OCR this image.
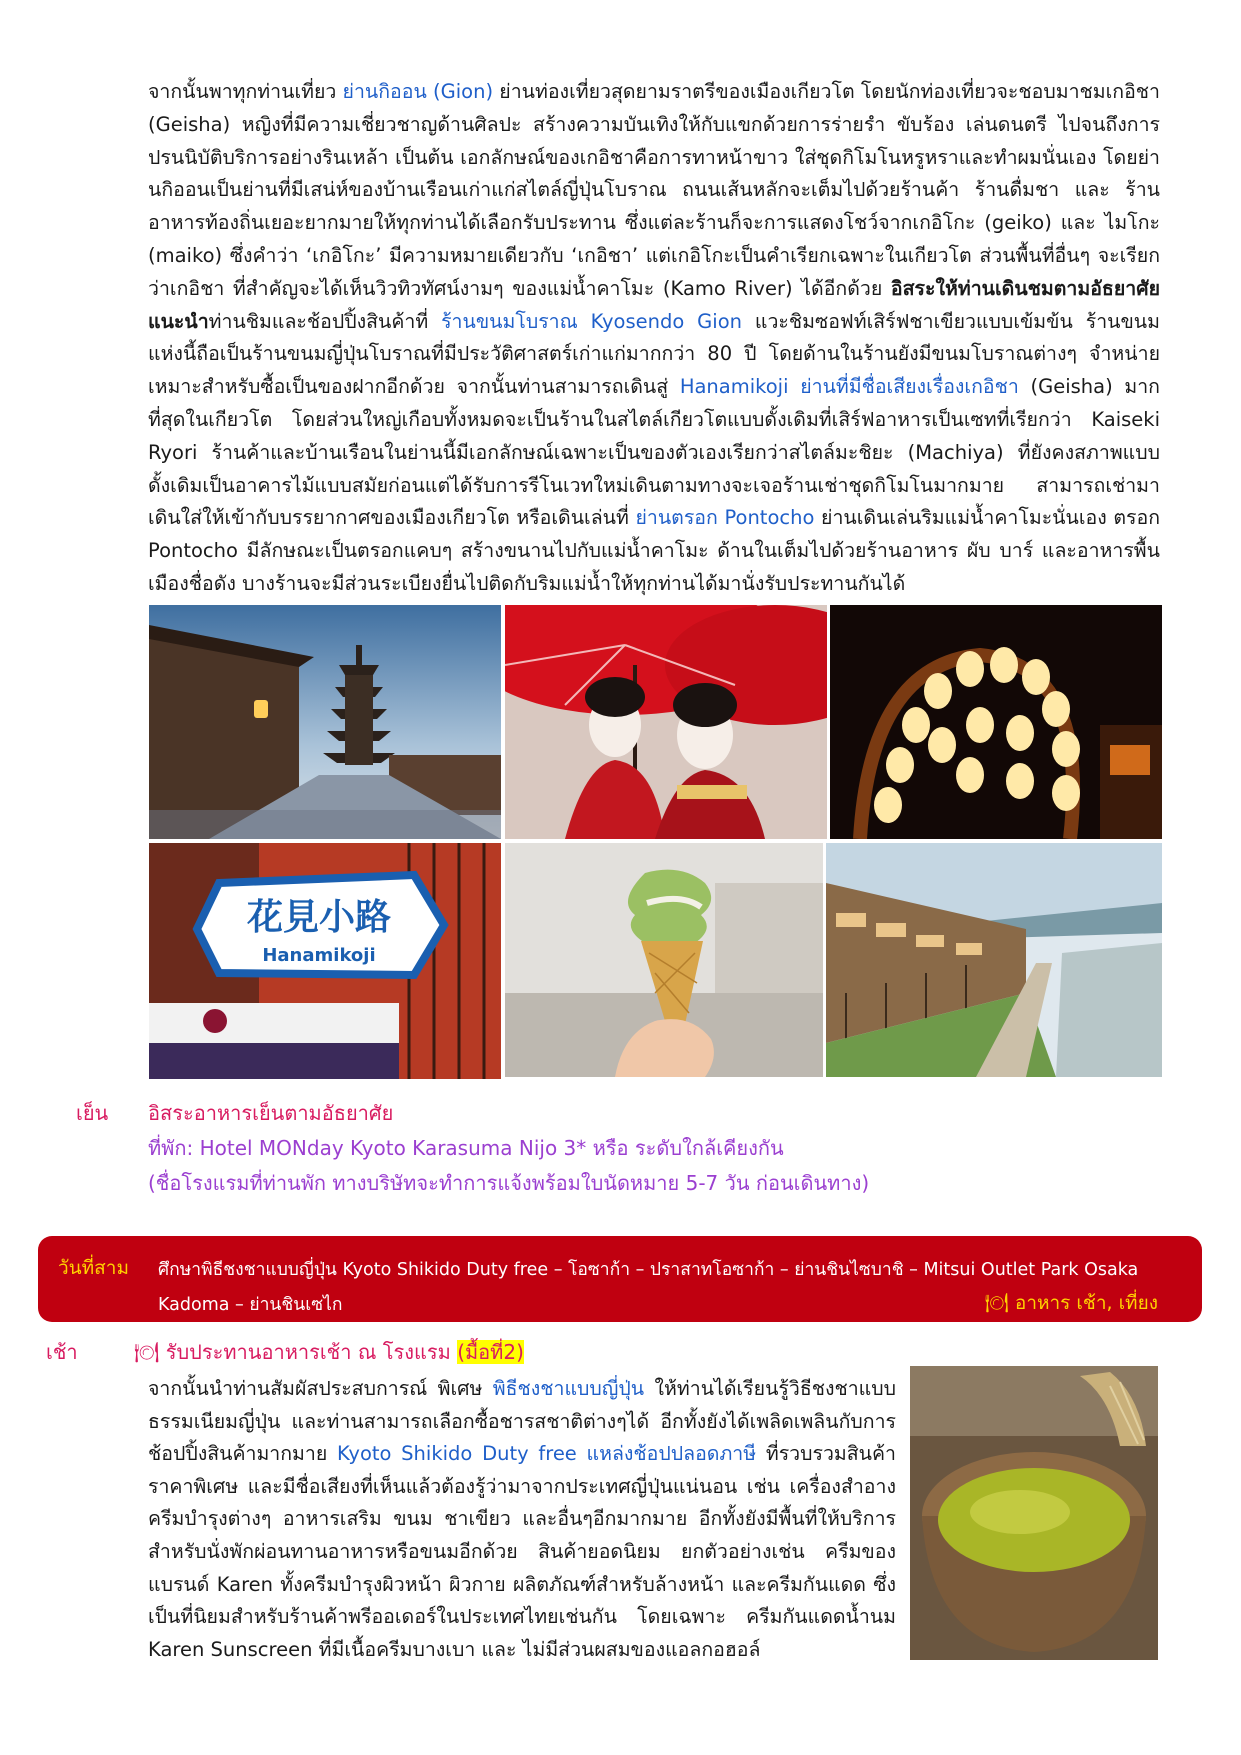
จากนั้นพาทุกท่านเที่ยว ย่านกิออน (Gion) ย่านท่องเที่ยวสุดยามราตรีของเมืองเกียวโต โดยนักท่องเที่ยวจะชอบมาชมเกอิชา (Geisha) หญิงที่มีความเชี่ยวชาญด้านศิลปะ สร้างความบันเทิงให้กับแขกด้วยการร่ายรำ ขับร้อง เล่นดนตรี ไปจนถึงการปรนนิบัติบริการอย่างรินเหล้า เป็นต้น เอกลักษณ์ของเกอิชาคือการทาหน้าขาว ใส่ชุดกิโมโนหรูหราและทำผมนั่นเอง โดยย่านกิออนเป็นย่านที่มีเสน่ห์ของบ้านเรือนเก่าแก่สไตล์ญี่ปุ่นโบราณ ถนนเส้นหลักจะเต็มไปด้วยร้านค้า ร้านดื่มชา และ ร้านอาหารท้องถิ่นเยอะยากมายให้ทุกท่านได้เลือกรับประทาน ซึ่งแต่ละร้านก็จะการแสดงโชว์จากเกอิโกะ (geiko) และ ไมโกะ (maiko) ซึ่งคำว่า ‘เกอิโกะ’ มีความหมายเดียวกับ ‘เกอิชา’ แต่เกอิโกะเป็นคำเรียกเฉพาะในเกียวโต ส่วนพื้นที่อื่นๆ จะเรียกว่าเกอิชา ที่สำคัญจะได้เห็นวิวทิวทัศน์งามๆ ของแม่น้ำคาโมะ (Kamo River) ได้อีกด้วย อิสระให้ท่านเดินชมตามอัธยาศัย แนะนำท่านชิมและช้อปปิ้งสินค้าที่ ร้านขนมโบราณ Kyosendo Gion แวะชิมซอฟท์เสิร์ฟชาเขียวแบบเข้มข้น ร้านขนมแห่งนี้ถือเป็นร้านขนมญี่ปุ่นโบราณที่มีประวัติศาสตร์เก่าแก่มากกว่า 80 ปี โดยด้านในร้านยังมีขนมโบราณต่างๆ จำหน่าย เหมาะสำหรับซื้อเป็นของฝากอีกด้วย จากนั้นท่านสามารถเดินสู่ Hanamikoji ย่านที่มีชื่อเสียงเรื่องเกอิชา (Geisha) มากที่สุดในเกียวโต โดยส่วนใหญ่เกือบทั้งหมดจะเป็นร้านในสไตล์เกียวโตแบบดั้งเดิมที่เสิร์ฟอาหารเป็นเซทที่เรียกว่า Kaiseki Ryori ร้านค้าและบ้านเรือนในย่านนี้มีเอกลักษณ์เฉพาะเป็นของตัวเองเรียกว่าสไตล์มะชิยะ (Machiya) ที่ยังคงสภาพแบบดั้งเดิมเป็นอาคารไม้แบบสมัยก่อนแต่ได้รับการรีโนเวทใหม่เดินตามทางจะเจอร้านเช่าชุดกิโมโนมากมาย สามารถเช่ามาเดินใส่ให้เข้ากับบรรยากาศของเมืองเกียวโต หรือเดินเล่นที่ ย่านตรอก Pontocho ย่านเดินเล่นริมแม่น้ำคาโมะนั่นเอง ตรอก Pontocho มีลักษณะเป็นตรอกแคบๆ สร้างขนานไปกับแม่น้ำคาโมะ ด้านในเต็มไปด้วยร้านอาหาร ผับ บาร์ และอาหารพื้นเมืองชื่อดัง บางร้านจะมีส่วนระเบียงยื่นไปติดกับริมแม่น้ำให้ทุกท่านได้มานั่งรับประทานกันได้

花見小路
Hanamikoji
เย็น อิสระอาหารเย็นตามอัธยาศัย
ที่พัก: Hotel MONday Kyoto Karasuma Nijo 3* หรือ ระดับใกล้เคียงกัน
(ชื่อโรงแรมที่ท่านพัก ทางบริษัทจะทำการแจ้งพร้อมใบนัดหมาย 5-7 วัน ก่อนเดินทาง)
วันที่สาม ศึกษาพิธีชงชาแบบญี่ปุ่น Kyoto Shikido Duty free – โอซาก้า – ปราสาทโอซาก้า – ย่านชินไซบาชิ – Mitsui Outlet Park Osaka Kadoma – ย่านชินเซไก	🍽 อาหาร เช้า, เที่ยง
เช้า	🍽 รับประทานอาหารเช้า ณ โรงแรม (มื้อที่2)

จากนั้นนำท่านสัมผัสประสบการณ์ พิเศษ พิธีชงชาแบบญี่ปุ่น ให้ท่านได้เรียนรู้วิธีชงชาแบบธรรมเนียมญี่ปุ่น และท่านสามารถเลือกซื้อชารสชาติต่างๆได้ อีกทั้งยังได้เพลิดเพลินกับการช้อปปิ้งสินค้ามากมาย Kyoto Shikido Duty free แหล่งช้อปปลอดภาษี ที่รวบรวมสินค้าราคาพิเศษ และมีชื่อเสียงที่เห็นแล้วต้องรู้ว่ามาจากประเทศญี่ปุ่นแน่นอน เช่น เครื่องสำอาง ครีมบำรุงต่างๆ อาหารเสริม ขนม ชาเขียว และอื่นๆอีกมากมาย อีกทั้งยังมีพื้นที่ให้บริการสำหรับนั่งพักผ่อนทานอาหารหรือขนมอีกด้วย สินค้ายอดนิยม ยกตัวอย่างเช่น ครีมของแบรนด์ Karen ทั้งครีมบำรุงผิวหน้า ผิวกาย ผลิตภัณฑ์สำหรับล้างหน้า และครีมกันแดด ซึ่งเป็นที่นิยมสำหรับร้านค้าพรีออเดอร์ในประเทศไทยเช่นกัน โดยเฉพาะ ครีมกันแดดน้ำนม Karen Sunscreen ที่มีเนื้อครีมบางเบา และ ไม่มีส่วนผสมของแอลกอฮอล์
